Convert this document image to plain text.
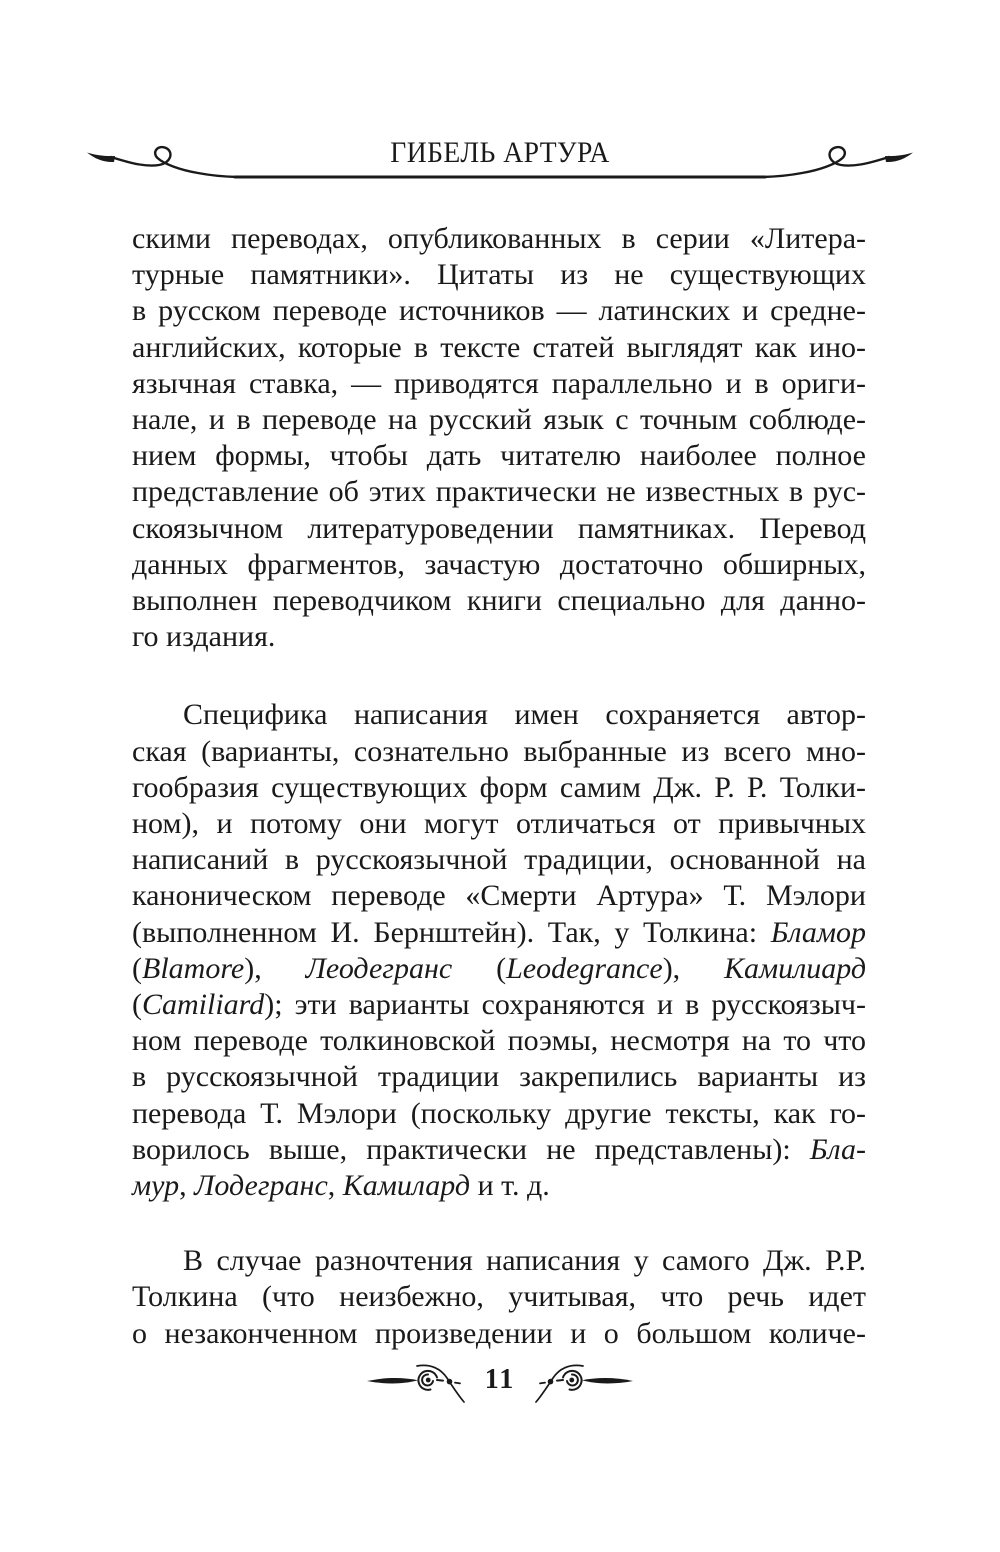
ГИБЕЛЬ АРТУРА
скими переводах, опубликованных в серии «Литера-
турные памятники». Цитаты из не существующих
в русском переводе источников — латинских и средне-
английских, которые в тексте статей выглядят как ино-
язычная ставка, — приводятся параллельно и в ориги-
нале, и в переводе на русский язык с точным соблюде-
нием формы, чтобы дать читателю наиболее полное
представление об этих практически не известных в рус-
скоязычном литературоведении памятниках. Перевод
данных фрагментов, зачастую достаточно обширных,
выполнен переводчиком книги специально для данно-
го издания.
Специфика написания имен сохраняется автор-
ская (варианты, сознательно выбранные из всего мно-
гообразия существующих форм самим Дж. Р. Р. Толки-
ном), и потому они могут отличаться от привычных
написаний в русскоязычной традиции, основанной на
каноническом переводе «Смерти Артура» Т. Мэлори
(выполненном И. Бернштейн). Так, у Толкина: Бламор
(Blamore), Леодегранс (Leodegrance), Камилиард
(Camiliard); эти варианты сохраняются и в русскоязыч-
ном переводе толкиновской поэмы, несмотря на то что
в русскоязычной традиции закрепились варианты из
перевода Т. Мэлори (поскольку другие тексты, как го-
ворилось выше, практически не представлены): Бла-
мур, Лодегранс, Камилард и т. д.
В случае разночтения написания у самого Дж. Р.Р.
Толкина (что неизбежно, учитывая, что речь идет
о незаконченном произведении и о большом количе-
11
